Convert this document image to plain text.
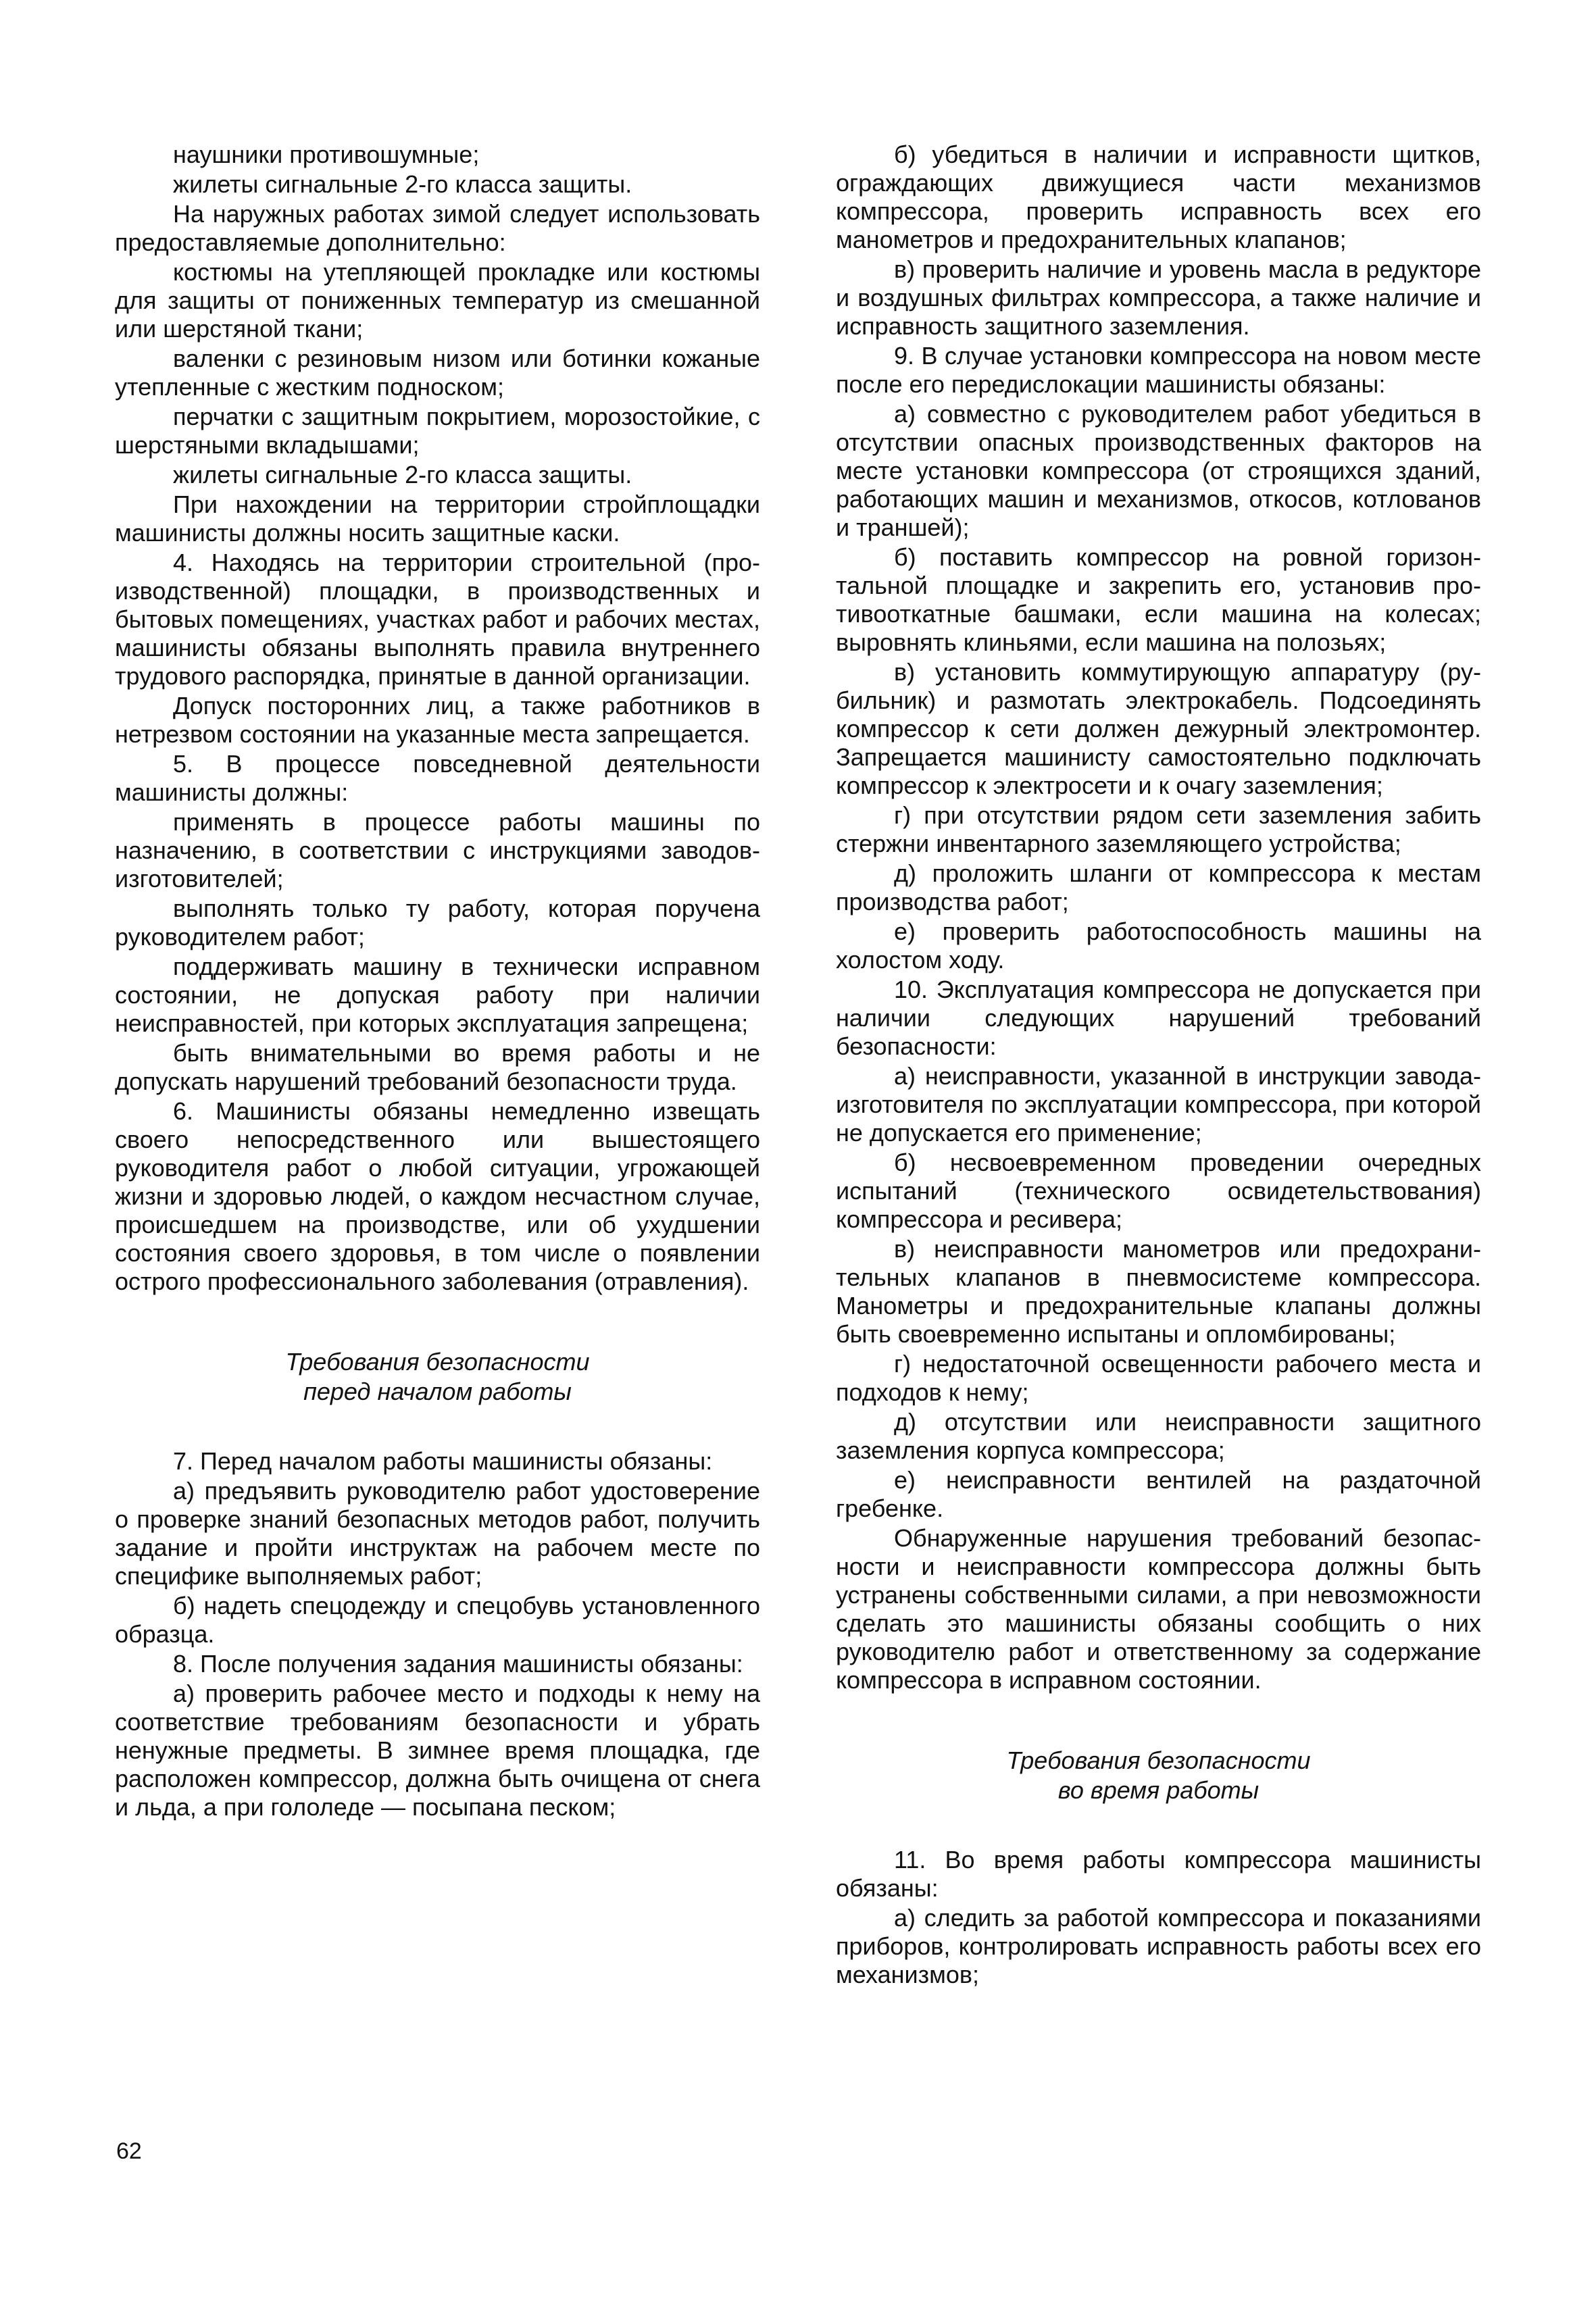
наушники противошумные;

жилеты сигнальные 2-го класса защиты.

На наружных работах зимой следует использовать предоставляемые дополнительно:

костюмы на утепляющей прокладке или костюмы для защиты от пониженных температур из смешанной или шерстяной ткани;

валенки с резиновым низом или ботинки кожаные утепленные с жестким подноском;

перчатки с защитным покрытием, морозостойкие, с шерстяными вкладышами;

жилеты сигнальные 2-го класса защиты.

При нахождении на территории стройплощадки машинисты должны носить защитные каски.

4. Находясь на территории строительной (производственной) площадки, в производственных и бытовых помещениях, участках работ и рабочих местах, машинисты обязаны выполнять правила внутреннего трудового распорядка, принятые в данной организации.

Допуск посторонних лиц, а также работников в нетрезвом состоянии на указанные места запрещается.

5. В процессе повседневной деятельности машинисты должны:

применять в процессе работы машины по назначению, в соответствии с инструкциями заводов-изготовителей;

выполнять только ту работу, которая поручена руководителем работ;

поддерживать машину в технически исправном состоянии, не допуская работу при наличии неисправностей, при которых эксплуатация запрещена;

быть внимательными во время работы и не допускать нарушений требований безопасности труда.

6. Машинисты обязаны немедленно извещать своего непосредственного или вышестоящего руководителя работ о любой ситуации, угрожающей жизни и здоровью людей, о каждом несчастном случае, происшедшем на производстве, или об ухудшении состояния своего здоровья, в том числе о появлении острого профессионального заболевания (отравления).

Требования безопасности
перед началом работы

7. Перед началом работы машинисты обязаны:

а) предъявить руководителю работ удостоверение о проверке знаний безопасных методов работ, получить задание и пройти инструктаж на рабочем месте по специфике выполняемых работ;

б) надеть спецодежду и спецобувь установленного образца.

8. После получения задания машинисты обязаны:

а) проверить рабочее место и подходы к нему на соответствие требованиям безопасности и убрать ненужные предметы. В зимнее время площадка, где расположен компрессор, должна быть очищена от снега и льда, а при гололеде — посыпана песком;

б) убедиться в наличии и исправности щитков, ограждающих движущиеся части механизмов компрессора, проверить исправность всех его манометров и предохранительных клапанов;

в) проверить наличие и уровень масла в редукторе и воздушных фильтрах компрессора, а также наличие и исправность защитного заземления.

9. В случае установки компрессора на новом месте после его передислокации машинисты обязаны:

а) совместно с руководителем работ убедиться в отсутствии опасных производственных факторов на месте установки компрессора (от строящихся зданий, работающих машин и механизмов, откосов, котлованов и траншей);

б) поставить компрессор на ровной горизонтальной площадке и закрепить его, установив противооткатные башмаки, если машина на колесах; выровнять клиньями, если машина на полозьях;

в) установить коммутирующую аппаратуру (рубильник) и размотать электрокабель. Подсоединять компрессор к сети должен дежурный электромонтер. Запрещается машинисту самостоятельно подключать компрессор к электросети и к очагу заземления;

г) при отсутствии рядом сети заземления забить стержни инвентарного заземляющего устройства;

д) проложить шланги от компрессора к местам производства работ;

е) проверить работоспособность машины на холостом ходу.

10. Эксплуатация компрессора не допускается при наличии следующих нарушений требований безопасности:

а) неисправности, указанной в инструкции завода-изготовителя по эксплуатации компрессора, при которой не допускается его применение;

б) несвоевременном проведении очередных испытаний (технического освидетельствования) компрессора и ресивера;

в) неисправности манометров или предохранительных клапанов в пневмосистеме компрессора. Манометры и предохранительные клапаны должны быть своевременно испытаны и опломбированы;

г) недостаточной освещенности рабочего места и подходов к нему;

д) отсутствии или неисправности защитного заземления корпуса компрессора;

е) неисправности вентилей на раздаточной гребенке.

Обнаруженные нарушения требований безопасности и неисправности компрессора должны быть устранены собственными силами, а при невозможности сделать это машинисты обязаны сообщить о них руководителю работ и ответственному за содержание компрессора в исправном состоянии.

Требования безопасности
во время работы

11. Во время работы компрессора машинисты обязаны:

а) следить за работой компрессора и показаниями приборов, контролировать исправность работы всех его механизмов;

62
